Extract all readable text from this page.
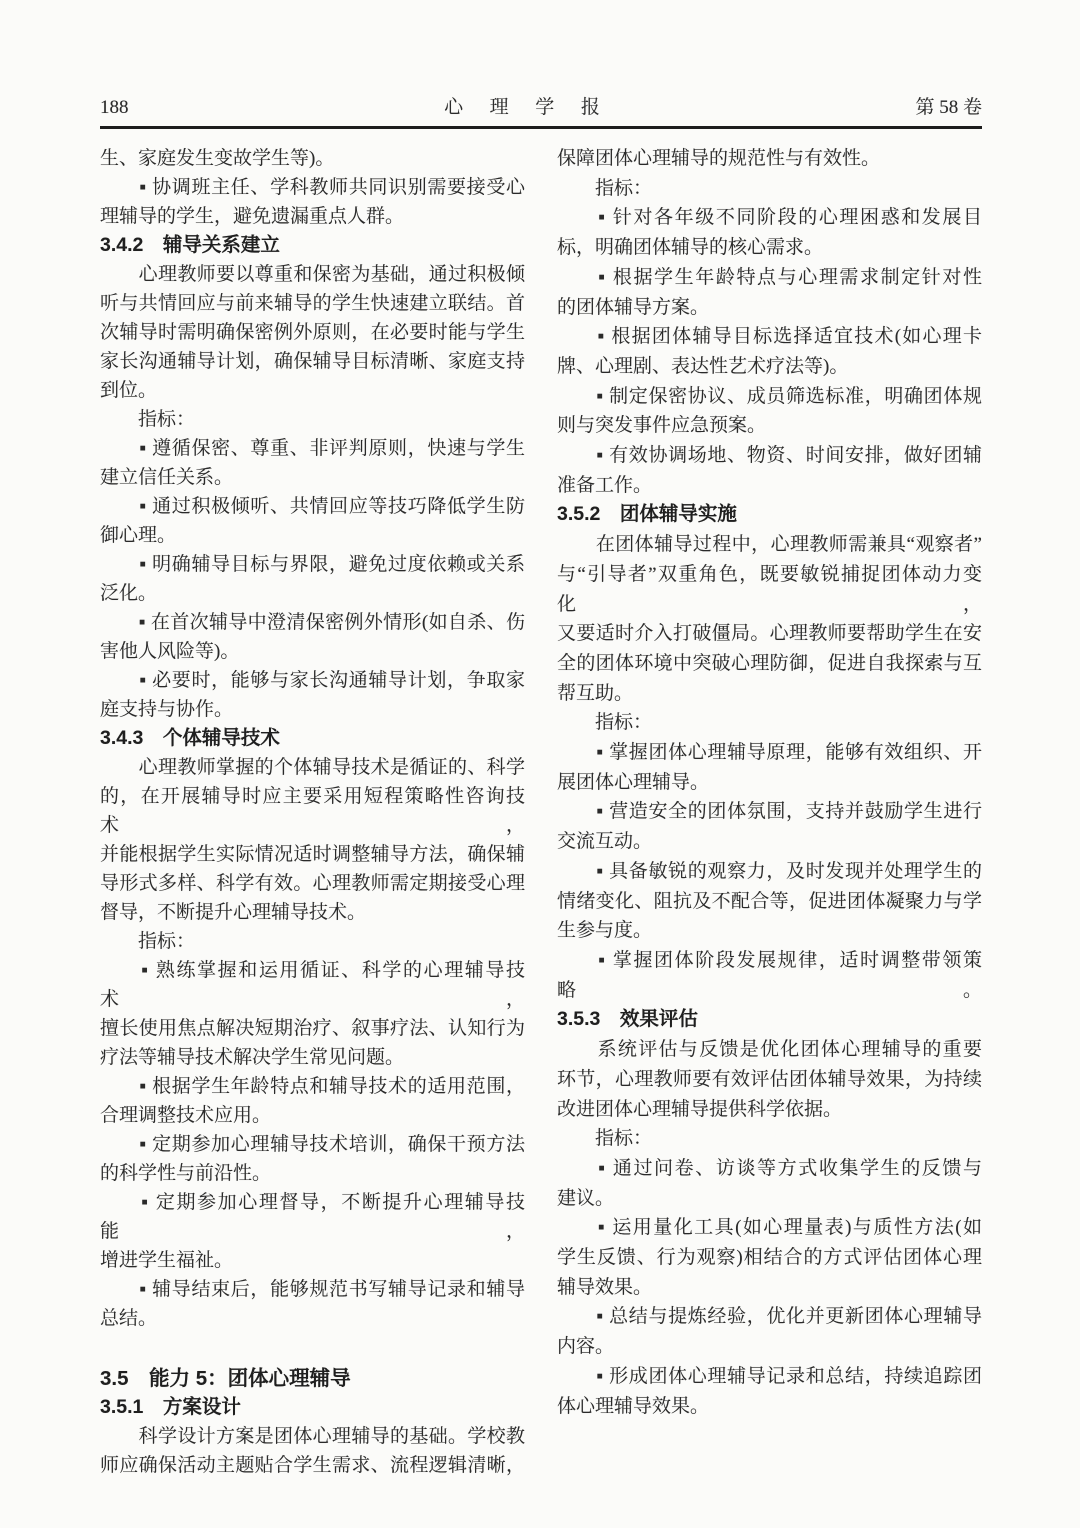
188	心　理　学　报	第 58 卷
生、家庭发生变故学生等)。
　　▪ 协调班主任、学科教师共同识别需要接受心
理辅导的学生，避免遗漏重点人群。
3.4.2　辅导关系建立
　　心理教师要以尊重和保密为基础，通过积极倾
听与共情回应与前来辅导的学生快速建立联结。首
次辅导时需明确保密例外原则，在必要时能与学生
家长沟通辅导计划，确保辅导目标清晰、家庭支持
到位。
　　指标：
　　▪ 遵循保密、尊重、非评判原则，快速与学生
建立信任关系。
　　▪ 通过积极倾听、共情回应等技巧降低学生防
御心理。
　　▪ 明确辅导目标与界限，避免过度依赖或关系
泛化。
　　▪ 在首次辅导中澄清保密例外情形(如自杀、伤
害他人风险等)。
　　▪ 必要时，能够与家长沟通辅导计划，争取家
庭支持与协作。
3.4.3　个体辅导技术
　　心理教师掌握的个体辅导技术是循证的、科学
的，在开展辅导时应主要采用短程策略性咨询技术，
并能根据学生实际情况适时调整辅导方法，确保辅
导形式多样、科学有效。心理教师需定期接受心理
督导，不断提升心理辅导技术。
　　指标：
　　▪ 熟练掌握和运用循证、科学的心理辅导技术，
擅长使用焦点解决短期治疗、叙事疗法、认知行为
疗法等辅导技术解决学生常见问题。
　　▪ 根据学生年龄特点和辅导技术的适用范围，
合理调整技术应用。
　　▪ 定期参加心理辅导技术培训，确保干预方法
的科学性与前沿性。
　　▪ 定期参加心理督导，不断提升心理辅导技能，
增进学生福祉。
　　▪ 辅导结束后，能够规范书写辅导记录和辅导
总结。
3.5　能力 5：团体心理辅导
3.5.1　方案设计
　　科学设计方案是团体心理辅导的基础。学校教
师应确保活动主题贴合学生需求、流程逻辑清晰，
保障团体心理辅导的规范性与有效性。
　　指标：
　　▪ 针对各年级不同阶段的心理困惑和发展目
标，明确团体辅导的核心需求。
　　▪ 根据学生年龄特点与心理需求制定针对性
的团体辅导方案。
　　▪ 根据团体辅导目标选择适宜技术(如心理卡
牌、心理剧、表达性艺术疗法等)。
　　▪ 制定保密协议、成员筛选标准，明确团体规
则与突发事件应急预案。
　　▪ 有效协调场地、物资、时间安排，做好团辅
准备工作。
3.5.2　团体辅导实施
　　在团体辅导过程中，心理教师需兼具“观察者”
与“引导者”双重角色，既要敏锐捕捉团体动力变化，
又要适时介入打破僵局。心理教师要帮助学生在安
全的团体环境中突破心理防御，促进自我探索与互
帮互助。
　　指标：
　　▪ 掌握团体心理辅导原理，能够有效组织、开
展团体心理辅导。
　　▪ 营造安全的团体氛围，支持并鼓励学生进行
交流互动。
　　▪ 具备敏锐的观察力，及时发现并处理学生的
情绪变化、阻抗及不配合等，促进团体凝聚力与学
生参与度。
　　▪ 掌握团体阶段发展规律，适时调整带领策略。
3.5.3　效果评估
　　系统评估与反馈是优化团体心理辅导的重要
环节，心理教师要有效评估团体辅导效果，为持续
改进团体心理辅导提供科学依据。
　　指标：
　　▪ 通过问卷、访谈等方式收集学生的反馈与
建议。
　　▪ 运用量化工具(如心理量表)与质性方法(如
学生反馈、行为观察)相结合的方式评估团体心理
辅导效果。
　　▪ 总结与提炼经验，优化并更新团体心理辅导
内容。
　　▪ 形成团体心理辅导记录和总结，持续追踪团
体心理辅导效果。
